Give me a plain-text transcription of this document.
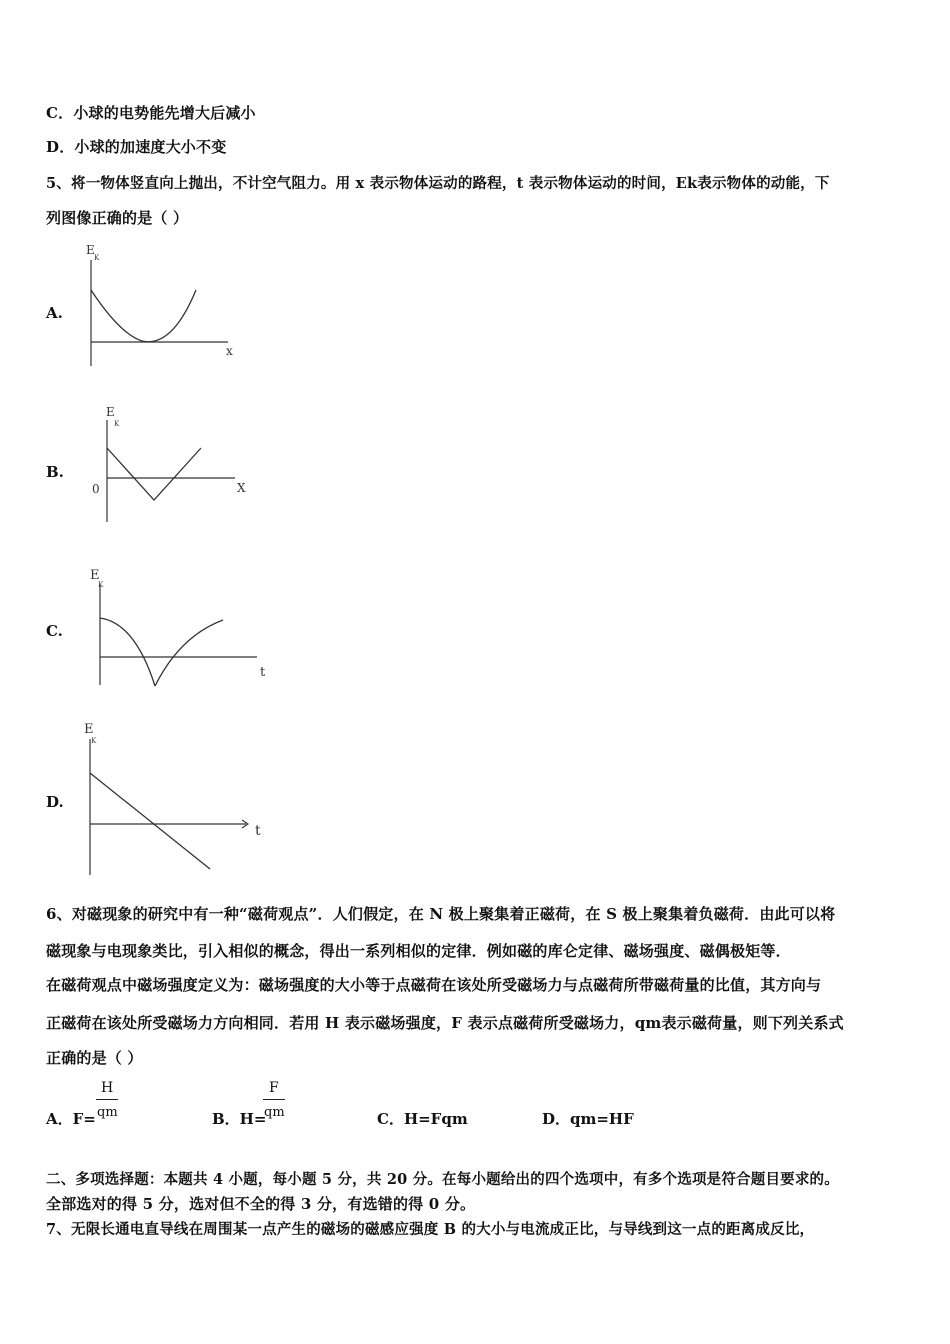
C．小球的电势能先增大后减小
D．小球的加速度大小不变
5、将一物体竖直向上抛出，不计空气阻力。用 x 表示物体运动的路程，t 表示物体运动的时间，Ek表示物体的动能，下
列图像正确的是（ ）
A.
E
K
x
B.
E
K
0	X
C.
E
K
t
D.
E
K
t
6、对磁现象的研究中有一种“磁荷观点”．人们假定，在 N 极上聚集着正磁荷，在 S 极上聚集着负磁荷．由此可以将
磁现象与电现象类比，引入相似的概念，得出一系列相似的定律．例如磁的库仑定律、磁场强度、磁偶极矩等．
在磁荷观点中磁场强度定义为：磁场强度的大小等于点磁荷在该处所受磁场力与点磁荷所带磁荷量的比值，其方向与
正磁荷在该处所受磁场力方向相同．若用 H 表示磁场强度，F 表示点磁荷所受磁场力，qm表示磁荷量，则下列关系式
正确的是（ ）
A．F=
H
qm	B．H=
F
qm	C．H=Fqm	D．qm=HF
二、多项选择题：本题共 4 小题，每小题 5 分，共 20 分。在每小题给出的四个选项中，有多个选项是符合题目要求的。
全部选对的得 5 分，选对但不全的得 3 分，有选错的得 0 分。
7、无限长通电直导线在周围某一点产生的磁场的磁感应强度 B 的大小与电流成正比，与导线到这一点的距离成反比，
